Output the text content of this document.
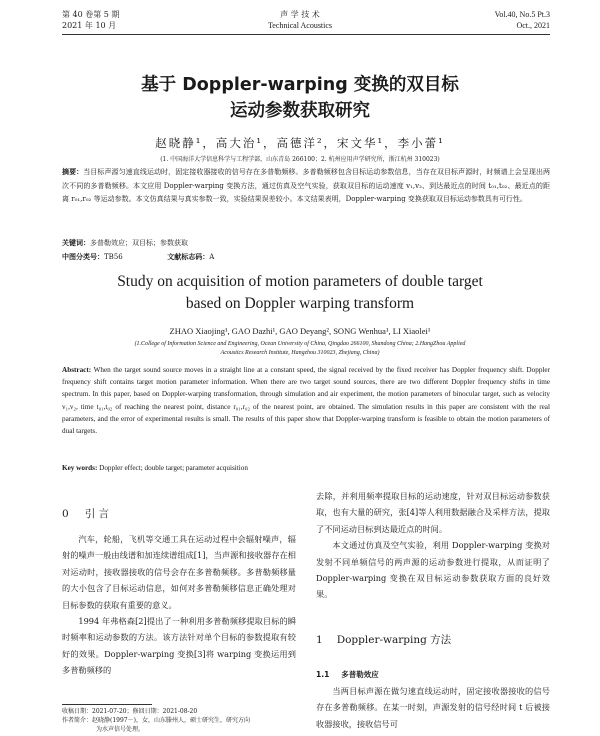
第 40 卷第 5 期
2021 年 10 月
声 学 技 术
Technical Acoustics
Vol.40, No.5 Pt.3
Oct., 2021
基于 Doppler-warping 变换的双目标
运动参数获取研究
赵晓静¹，高大治¹，高德洋²，宋文华¹，李小蕾¹
(1. 中国海洋大学信息科学与工程学部，山东青岛 266100；2. 杭州应用声学研究所，浙江杭州 310023)
摘要：当目标声源匀速直线运动时，固定接收器接收的信号存在多普勒频移。多普勒频移包含目标运动参数信息，当存在双目标声源时，时频谱上会呈现出两次不同的多普勒频移。本文应用 Doppler-warping 变换方法，通过仿真及空气实验，获取双目标的运动速度 v₁,v₂、到达最近点的时间 t₀₁,t₀₂、最近点的距离 r₀₁,r₀₂ 等运动参数。本文仿真结果与真实参数一致，实验结果误差较小。本文结果表明，Doppler-warping 变换获取双目标运动参数具有可行性。
关键词：多普勒效应；双目标；参数获取
中图分类号：TB56	文献标志码：A
Study on acquisition of motion parameters of double target
based on Doppler warping transform
ZHAO Xiaojing¹, GAO Dazhi¹, GAO Deyang², SONG Wenhua¹, LI Xiaolei¹
(1.College of Information Science and Engineering, Ocean University of China, Qingdao 266100, Shandong China; 2.HangZhou Applied
Acoustics Research Institute, Hangzhou 310023, Zhejiang, China)
Abstract: When the target sound source moves in a straight line at a constant speed, the signal received by the fixed receiver has Doppler frequency shift. Doppler frequency shift contains target motion parameter information. When there are two target sound sources, there are two different Doppler frequency shifts in time spectrum. In this paper, based on Doppler-warping transformation, through simulation and air experiment, the motion parameters of binocular target, such as velocity v₁,v₂, time t₀₁,t₀₂ of reaching the nearest point, distance r₀₁,r₀₂ of the nearest point, are obtained. The simulation results in this paper are consistent with the real parameters, and the error of experimental results is small. The results of this paper show that Doppler-warping transform is feasible to obtain the motion parameters of dual targets.
Key words: Doppler effect; double target; parameter acquisition
0 引 言

汽车，轮船，飞机等交通工具在运动过程中会辐射噪声，辐射的噪声一般由线谱和加连续谱组成[1]，当声源和接收器存在相对运动时，接收器接收的信号会存在多普勒频移。多普勒频移量的大小包含了目标运动信息，如何对多普勒频移信息正确处理对目标参数的获取有重要的意义。

1994 年弗格森[2]提出了一种利用多普勒频移提取目标的瞬时频率和运动参数的方法。该方法针对单个目标的参数提取有较好的效果。Doppler-warping 变换[3]将 warping 变换运用到多普勒频移的

去除，并利用频率提取目标的运动速度，针对双目标运动参数获取，也有大量的研究，张[4]等人利用数据融合及采样方法，提取了不同运动目标到达最近点的时间。

本文通过仿真及空气实验，利用 Doppler-warping 变换对发射不同单频信号的两声源的运动参数进行提取，从而证明了 Doppler-warping 变换在双目标运动参数获取方面的良好效果。

1 Doppler-warping 方法
1.1 多普勒效应

当两目标声源在做匀速直线运动时，固定接收器接收的信号存在多普勒频移。在某一时刻，声源发射的信号经时间 t 后被接收器接收，接收信号可

收稿日期：2021-07-20；修回日期：2021-08-20
作者简介：赵晓静(1997－)，女，山东滕州人，硕士研究生，研究方向
为水声信号处理。
